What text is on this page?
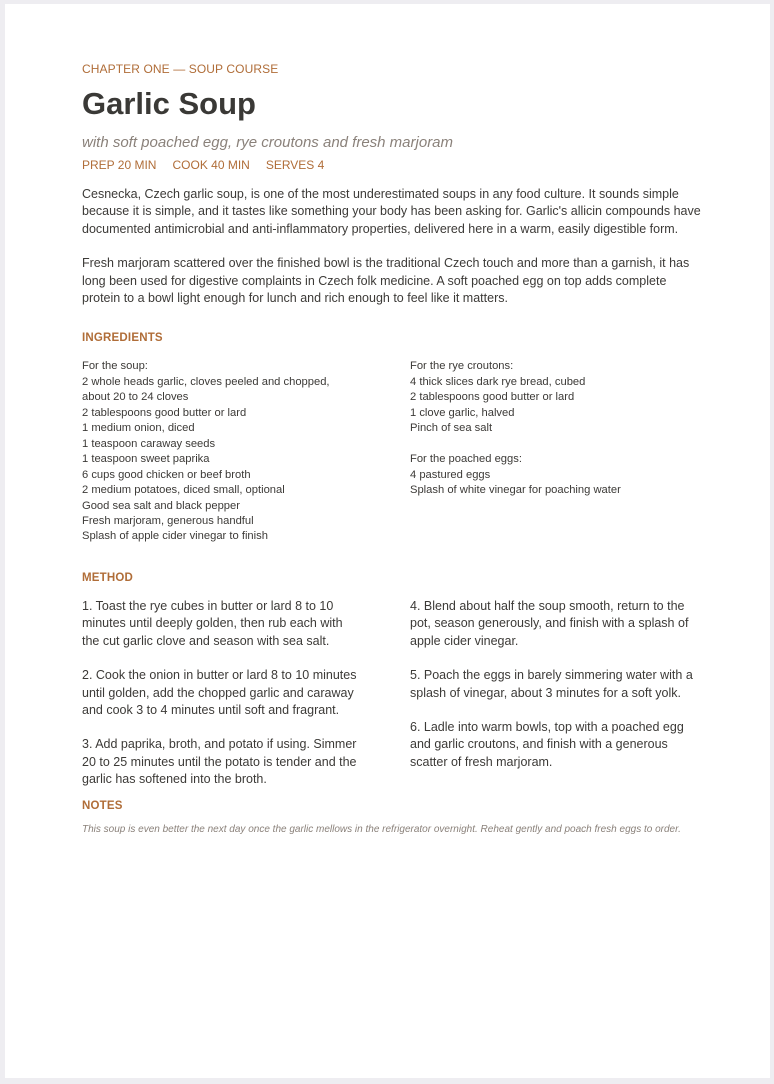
CHAPTER ONE — SOUP COURSE
Garlic Soup
with soft poached egg, rye croutons and fresh marjoram
PREP 20 MIN COOK 40 MIN SERVES 4

Cesnecka, Czech garlic soup, is one of the most underestimated soups in any food culture. It sounds simple because it is simple, and it tastes like something your body has been asking for. Garlic's allicin compounds have documented antimicrobial and anti-inflammatory properties, delivered here in a warm, easily digestible form.

Fresh marjoram scattered over the finished bowl is the traditional Czech touch and more than a garnish, it has long been used for digestive complaints in Czech folk medicine. A soft poached egg on top adds complete protein to a bowl light enough for lunch and rich enough to feel like it matters.

INGREDIENTS
For the soup:
2 whole heads garlic, cloves peeled and chopped,
about 20 to 24 cloves
2 tablespoons good butter or lard
1 medium onion, diced
1 teaspoon caraway seeds
1 teaspoon sweet paprika
6 cups good chicken or beef broth
2 medium potatoes, diced small, optional
Good sea salt and black pepper
Fresh marjoram, generous handful
Splash of apple cider vinegar to finish
For the rye croutons:
4 thick slices dark rye bread, cubed
2 tablespoons good butter or lard
1 clove garlic, halved
Pinch of sea salt
For the poached eggs:
4 pastured eggs
Splash of white vinegar for poaching water
METHOD

1. Toast the rye cubes in butter or lard 8 to 10 minutes until deeply golden, then rub each with the cut garlic clove and season with sea salt.

2. Cook the onion in butter or lard 8 to 10 minutes until golden, add the chopped garlic and caraway and cook 3 to 4 minutes until soft and fragrant.

3. Add paprika, broth, and potato if using. Simmer 20 to 25 minutes until the potato is tender and the garlic has softened into the broth.

4. Blend about half the soup smooth, return to the pot, season generously, and finish with a splash of apple cider vinegar.

5. Poach the eggs in barely simmering water with a splash of vinegar, about 3 minutes for a soft yolk.

6. Ladle into warm bowls, top with a poached egg and garlic croutons, and finish with a generous scatter of fresh marjoram.

NOTES

This soup is even better the next day once the garlic mellows in the refrigerator overnight. Reheat gently and poach fresh eggs to order.
